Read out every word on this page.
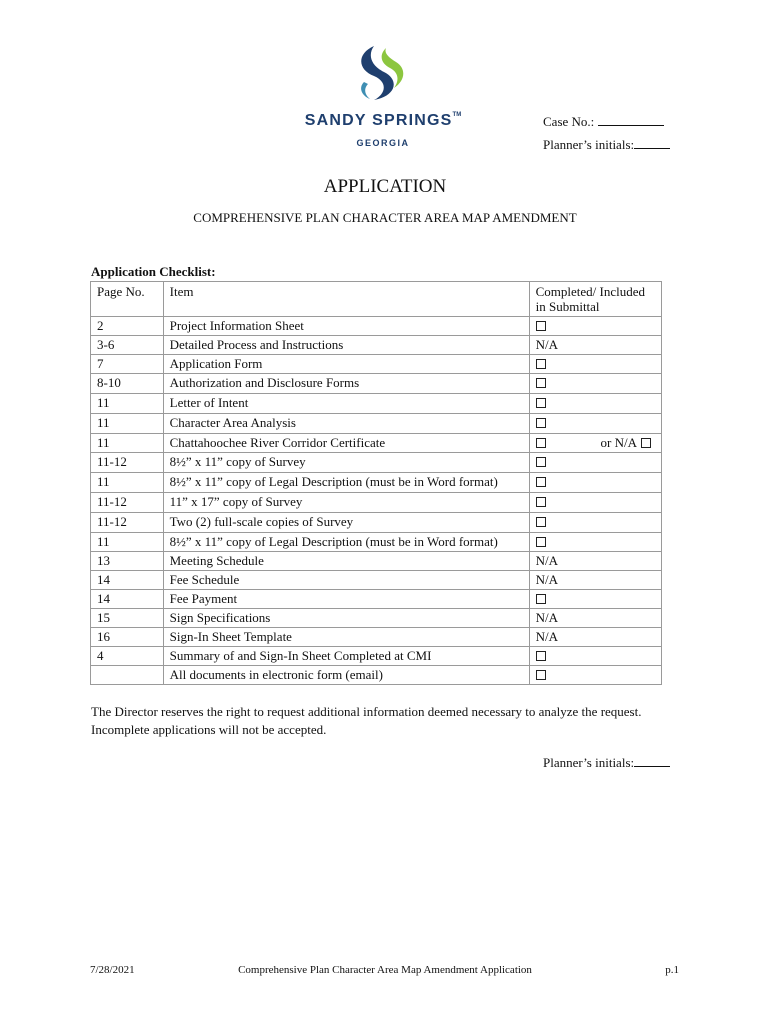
SANDY SPRINGS™
GEORGIA
Case No.:
Planner’s initials:
APPLICATION
COMPREHENSIVE PLAN CHARACTER AREA MAP AMENDMENT
Application Checklist:
Page No.	Item	Completed/ Included in Submittal
2	Project Information Sheet	
3-6	Detailed Process and Instructions	N/A
7	Application Form	
8-10	Authorization and Disclosure Forms	
11	Letter of Intent	
11	Character Area Analysis	
11	Chattahoochee River Corridor Certificate	or N/A

11-12	8½” x 11” copy of Survey	
11	8½” x 11” copy of Legal Description (must be in Word format)	
11-12	11” x 17” copy of Survey	
11-12	Two (2) full-scale copies of Survey	
11	8½” x 11” copy of Legal Description (must be in Word format)	
13	Meeting Schedule	N/A
14	Fee Schedule	N/A
14	Fee Payment	
15	Sign Specifications	N/A
16	Sign-In Sheet Template	N/A
4	Summary of and Sign-In Sheet Completed at CMI	
	All documents in electronic form (email)	
The Director reserves the right to request additional information deemed necessary to analyze the request.
Incomplete applications will not be accepted.
Planner’s initials:
7/28/2021	Comprehensive Plan Character Area Map Amendment Application	p.1
